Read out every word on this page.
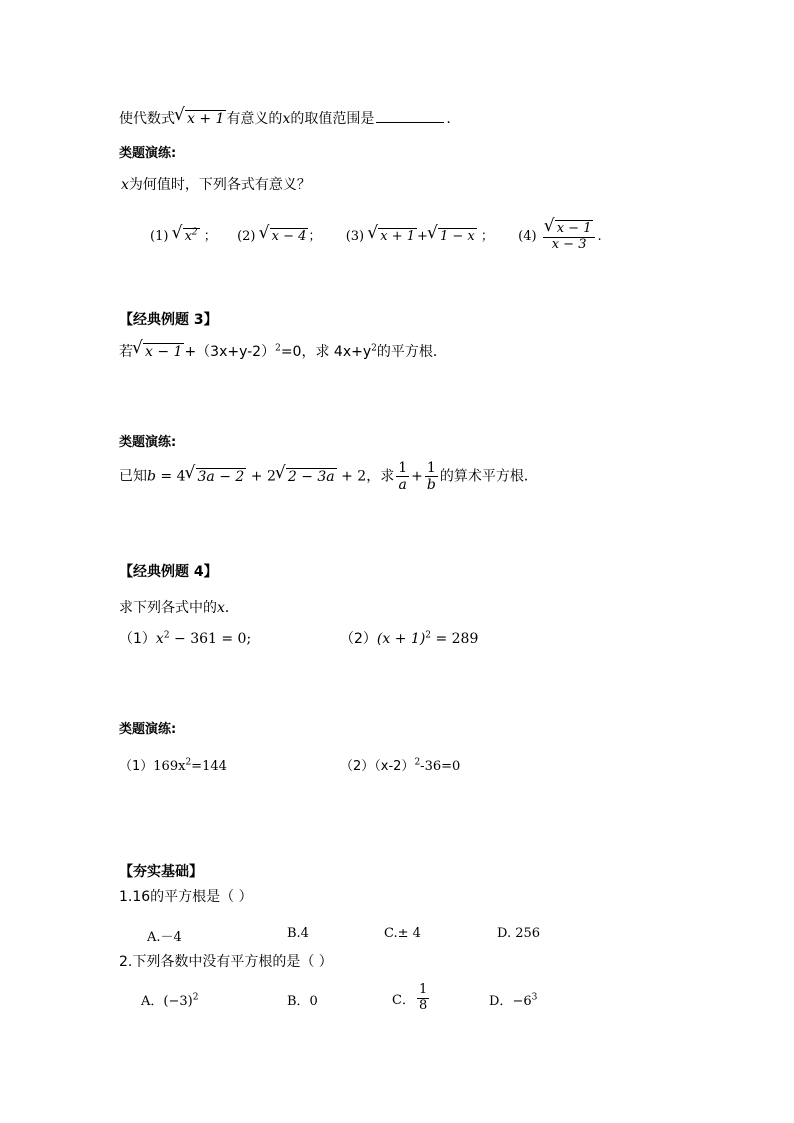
使代数式 √ x + 1 有意义的x的取值范围是	.
类题演练:
x为何值时，下列各式有意义？
(1) √ $x^2$ ； (2) √ x − 4 ； (3) √ x + 1 + √ 1 − x ； (4) √ $\frac{x - 1}{x - 3}$ .
【经典例题 3】
若 √ $x - 1 +(3x+y-2)^2=0$，求 $4x+y^2$的平方根．
类题演练:
已知b = 4 √ 3a − 2 + 2 √ 2 − 3a + 2，求 $\frac{1}{a} + \frac{1}{b}$ 的算术平方根．
【经典例题 4】
求下列各式中的x．
$(1)x^2 - 361 = 0$;	$(2)(x + 1)^2 = 289$
类题演练:
$(1)169x^2=144$	$(2)(x-2)^2-36=0$
【夯实基础】
1.16的平方根是（ ）
A.－4	B.4	C.± 4	D. 256
2.下列各数中没有平方根的是（ ）
A．$(-3)^2$	B．0	C． $\frac{1}{8}$	D．$-6^3$
